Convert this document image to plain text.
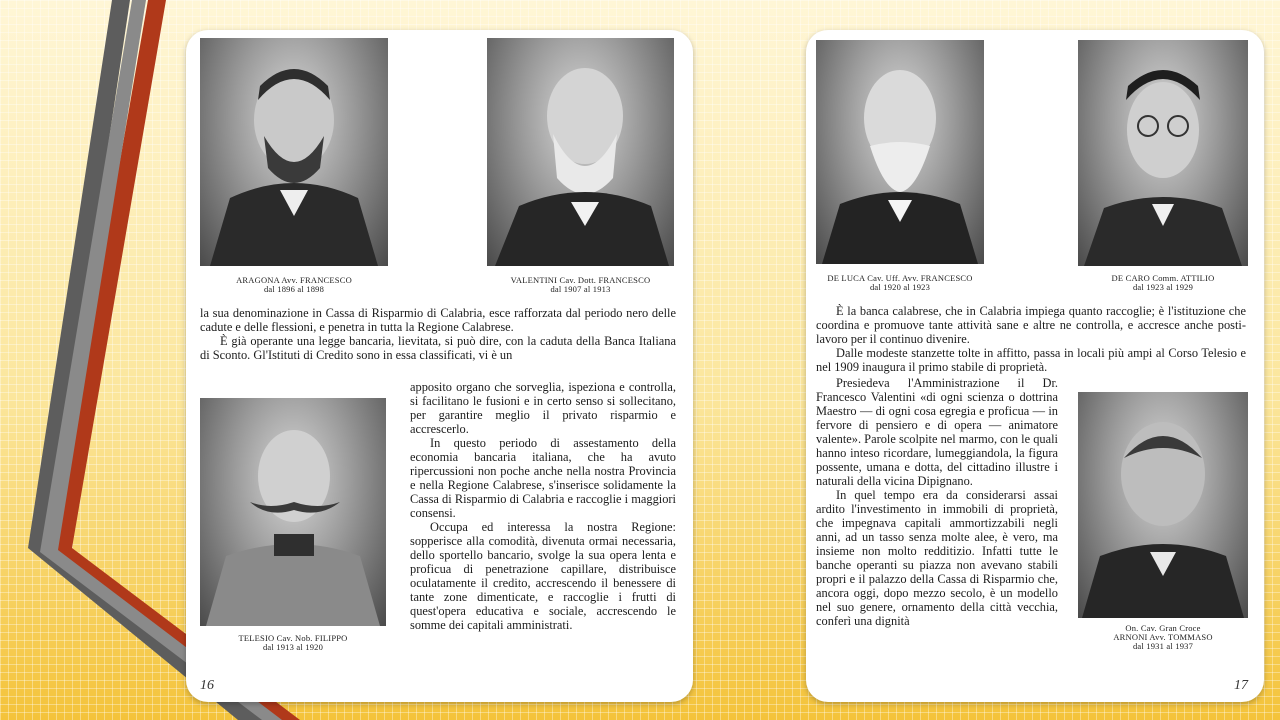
ARAGONA Avv. FRANCESCO
dal 1896 al 1898
VALENTINI Cav. Dott. FRANCESCO
dal 1907 al 1913

la sua denominazione in Cassa di Risparmio di Calabria, esce rafforzata dal periodo nero delle cadute e delle flessioni, e penetra in tutta la Regione Calabrese.

È già operante una legge bancaria, lievitata, si può dire, con la caduta della Banca Italiana di Sconto. Gl'Istituti di Credito sono in essa classificati, vi è un

TELESIO Cav. Nob. FILIPPO
dal 1913 al 1920

apposito organo che sorveglia, ispeziona e controlla, si facilitano le fusioni e in certo senso si sollecitano, per garantire meglio il privato risparmio e accrescerlo.

In questo periodo di assestamento della economia bancaria italiana, che ha avuto ripercussioni non poche anche nella nostra Provincia e nella Regione Calabrese, s'inserisce solidamente la Cassa di Risparmio di Calabria e raccoglie i maggiori consensi.

Occupa ed interessa la nostra Regione: sopperisce alla comodità, divenuta ormai necessaria, dello sportello bancario, svolge la sua opera lenta e proficua di penetrazione capillare, distribuisce oculatamente il credito, accrescendo il benessere di tante zone dimenticate, e raccoglie i frutti di quest'opera educativa e sociale, accrescendo le somme dei capitali amministrati.

16
DE LUCA Cav. Uff. Avv. FRANCESCO
dal 1920 al 1923
DE CARO Comm. ATTILIO
dal 1923 al 1929

È la banca calabrese, che in Calabria impiega quanto raccoglie; è l'istituzione che coordina e promuove tante attività sane e altre ne controlla, e accresce anche posti-lavoro per il continuo divenire.

Dalle modeste stanzette tolte in affitto, passa in locali più ampi al Corso Telesio e nel 1909 inaugura il primo stabile di proprietà.

Presiedeva l'Amministrazione il Dr. Francesco Valentini «di ogni scienza o dottrina Maestro — di ogni cosa egregia e proficua — in fervore di pensiero e di opera — animatore valente». Parole scolpite nel marmo, con le quali hanno inteso ricordare, lumeggiandola, la figura possente, umana e dotta, del cittadino illustre i naturali della vicina Dipignano.

In quel tempo era da considerarsi assai ardito l'investimento in immobili di proprietà, che impegnava capitali ammortizzabili negli anni, ad un tasso senza molte alee, è vero, ma insieme non molto redditizio. Infatti tutte le banche operanti su piazza non avevano stabili propri e il palazzo della Cassa di Risparmio che, ancora oggi, dopo mezzo secolo, è un modello nel suo genere, ornamento della città vecchia, conferì una dignità	On. Cav. Gran Croce
ARNONI Avv. TOMMASO
dal 1931 al 1937
17
